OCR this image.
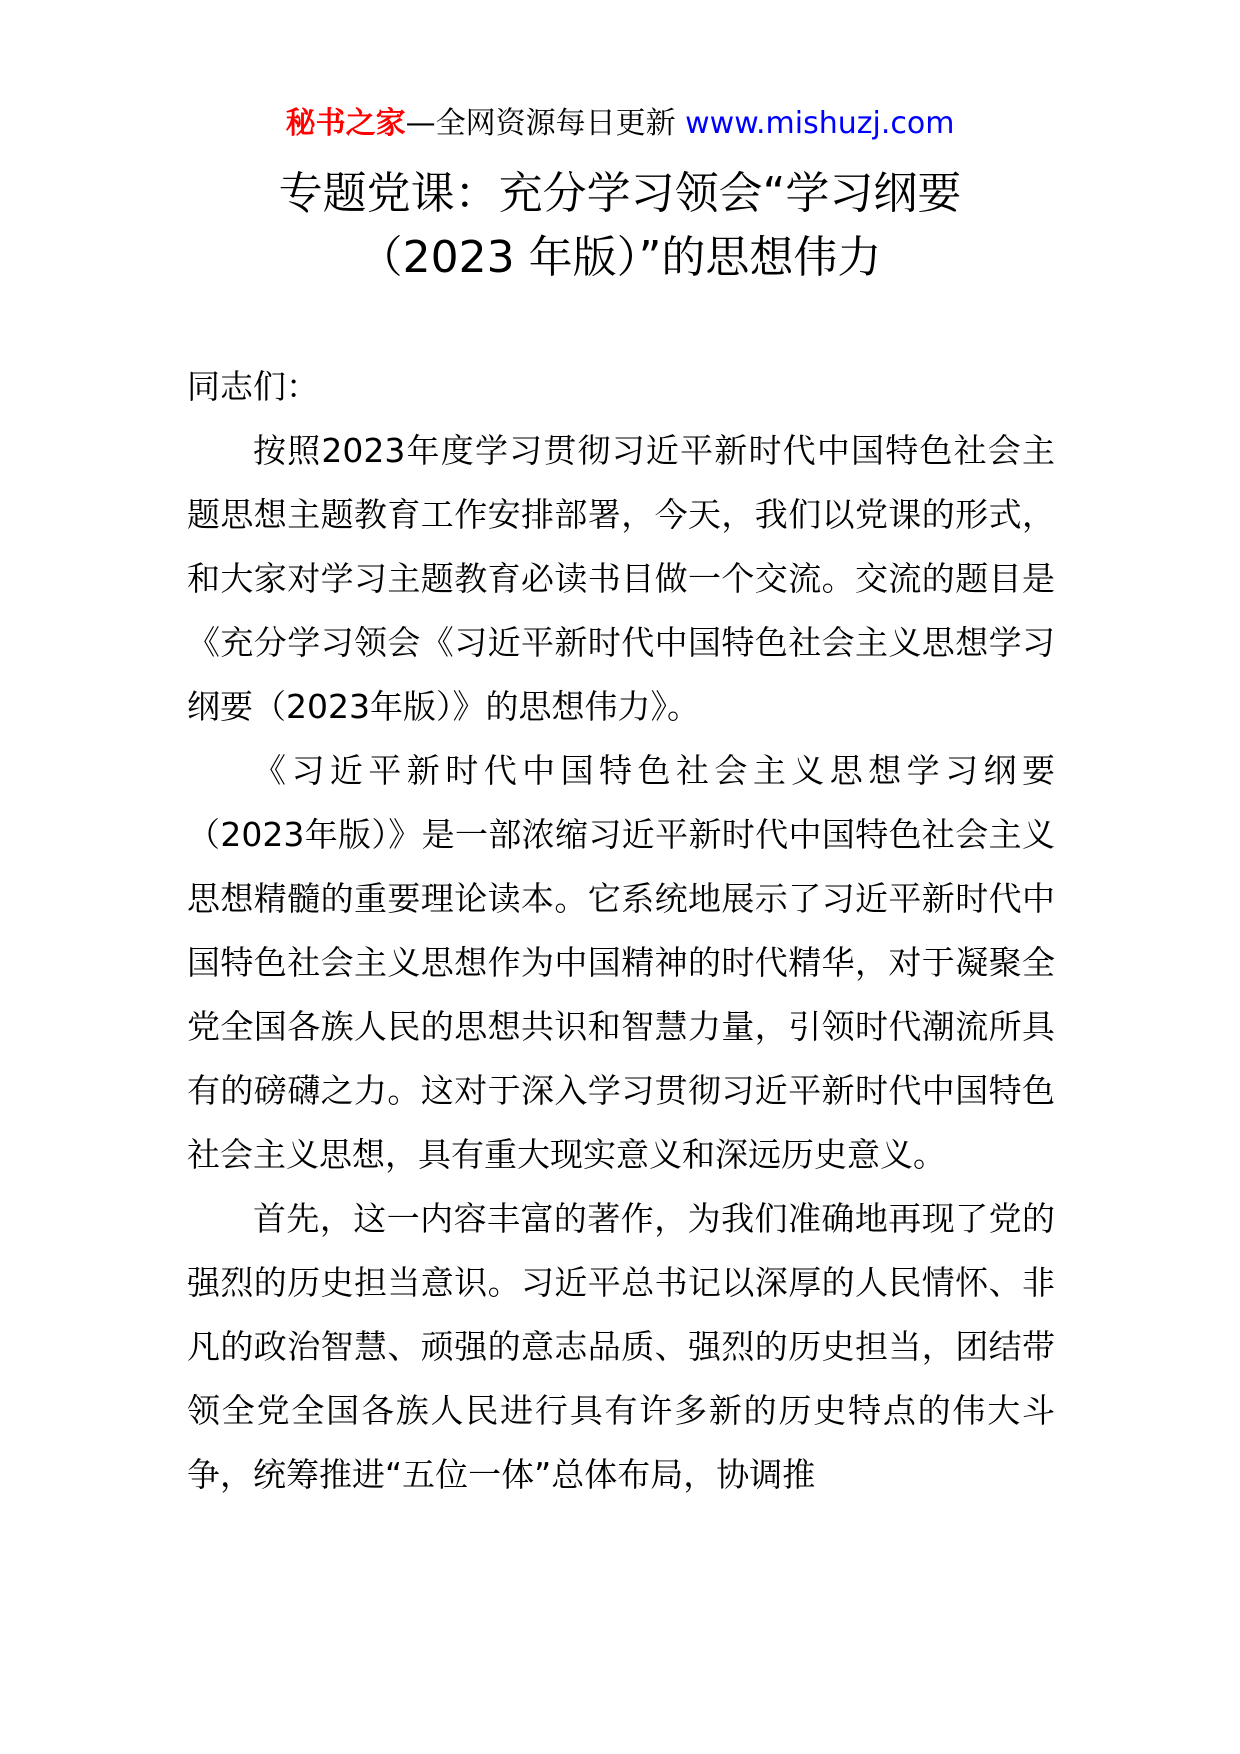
秘书之家—全网资源每日更新 www.mishuzj.com
专题党课：充分学习领会“学习纲要
（2023 年版）”的思想伟力

同志们：

按照2023年度学习贯彻习近平新时代中国特色社会主题思想主题教育工作安排部署，今天，我们以党课的形式，和大家对学习主题教育必读书目做一个交流。交流的题目是《充分学习领会《习近平新时代中国特色社会主义思想学习纲要（2023年版）》的思想伟力》。

《习近平新时代中国特色社会主义思想学习纲要（2023年版）》是一部浓缩习近平新时代中国特色社会主义思想精髓的重要理论读本。它系统地展示了习近平新时代中国特色社会主义思想作为中国精神的时代精华，对于凝聚全党全国各族人民的思想共识和智慧力量，引领时代潮流所具有的磅礴之力。这对于深入学习贯彻习近平新时代中国特色社会主义思想，具有重大现实意义和深远历史意义。

首先，这一内容丰富的著作，为我们准确地再现了党的强烈的历史担当意识。习近平总书记以深厚的人民情怀、非凡的政治智慧、顽强的意志品质、强烈的历史担当，团结带领全党全国各族人民进行具有许多新的历史特点的伟大斗争，统筹推进“五位一体”总体布局，协调推
